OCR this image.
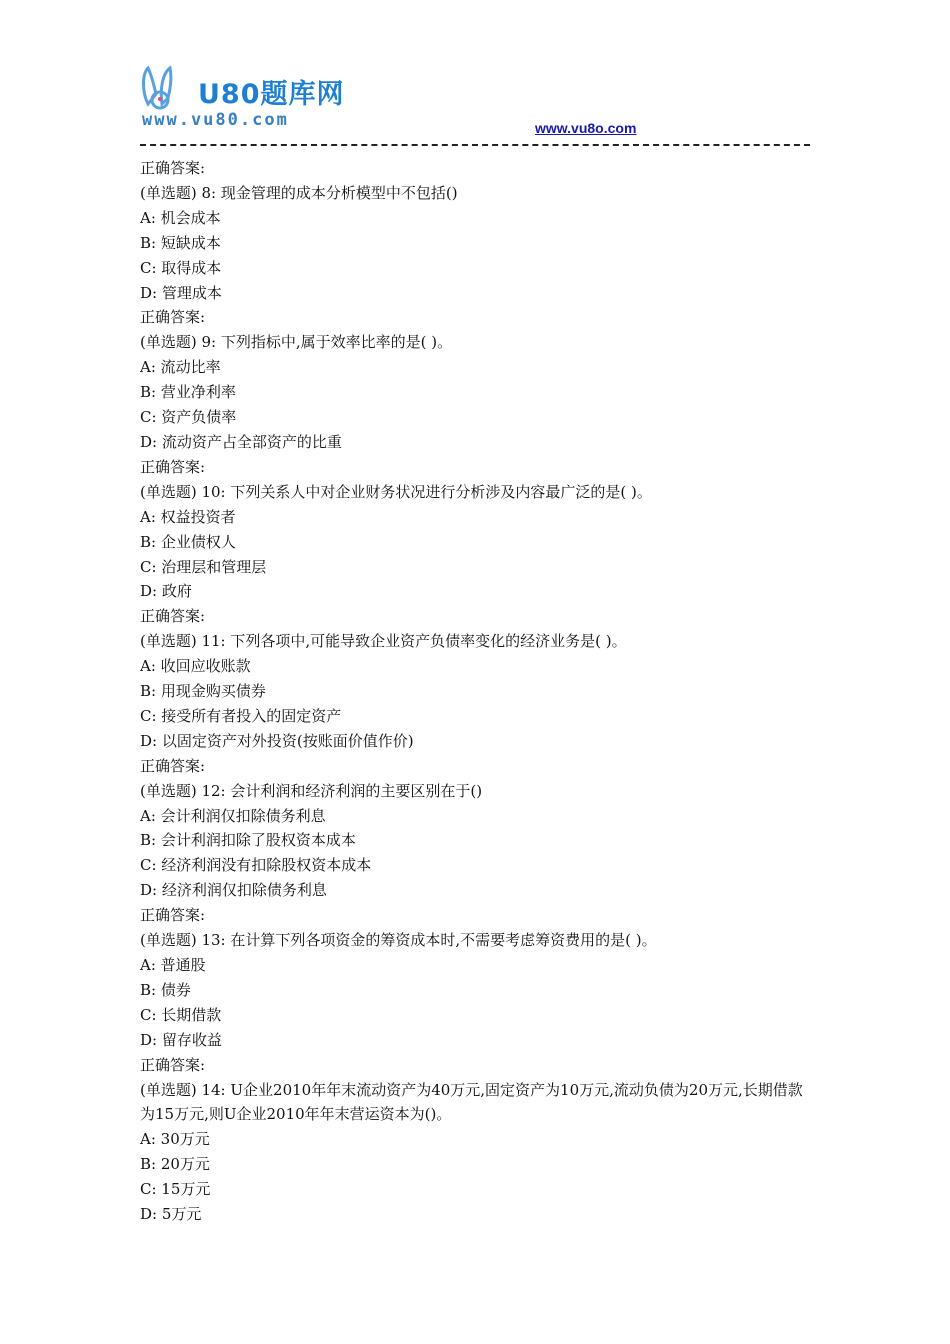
U80题库网
www.vu80.com	www.vu8o.com
正确答案:
(单选题) 8: 现金管理的成本分析模型中不包括()
A: 机会成本
B: 短缺成本
C: 取得成本
D: 管理成本
正确答案:
(单选题) 9: 下列指标中,属于效率比率的是( )。
A: 流动比率
B: 营业净利率
C: 资产负债率
D: 流动资产占全部资产的比重
正确答案:
(单选题) 10: 下列关系人中对企业财务状况进行分析涉及内容最广泛的是( )。
A: 权益投资者
B: 企业债权人
C: 治理层和管理层
D: 政府
正确答案:
(单选题) 11: 下列各项中,可能导致企业资产负债率变化的经济业务是( )。
A: 收回应收账款
B: 用现金购买债券
C: 接受所有者投入的固定资产
D: 以固定资产对外投资(按账面价值作价)
正确答案:
(单选题) 12: 会计利润和经济利润的主要区别在于()
A: 会计利润仅扣除债务利息
B: 会计利润扣除了股权资本成本
C: 经济利润没有扣除股权资本成本
D: 经济利润仅扣除债务利息
正确答案:
(单选题) 13: 在计算下列各项资金的筹资成本时,不需要考虑筹资费用的是( )。
A: 普通股
B: 债券
C: 长期借款
D: 留存收益
正确答案:
(单选题) 14: U企业2010年年末流动资产为40万元,固定资产为10万元,流动负债为20万元,长期借款为15万元,则U企业2010年年末营运资本为()。
A: 30万元
B: 20万元
C: 15万元
D: 5万元
